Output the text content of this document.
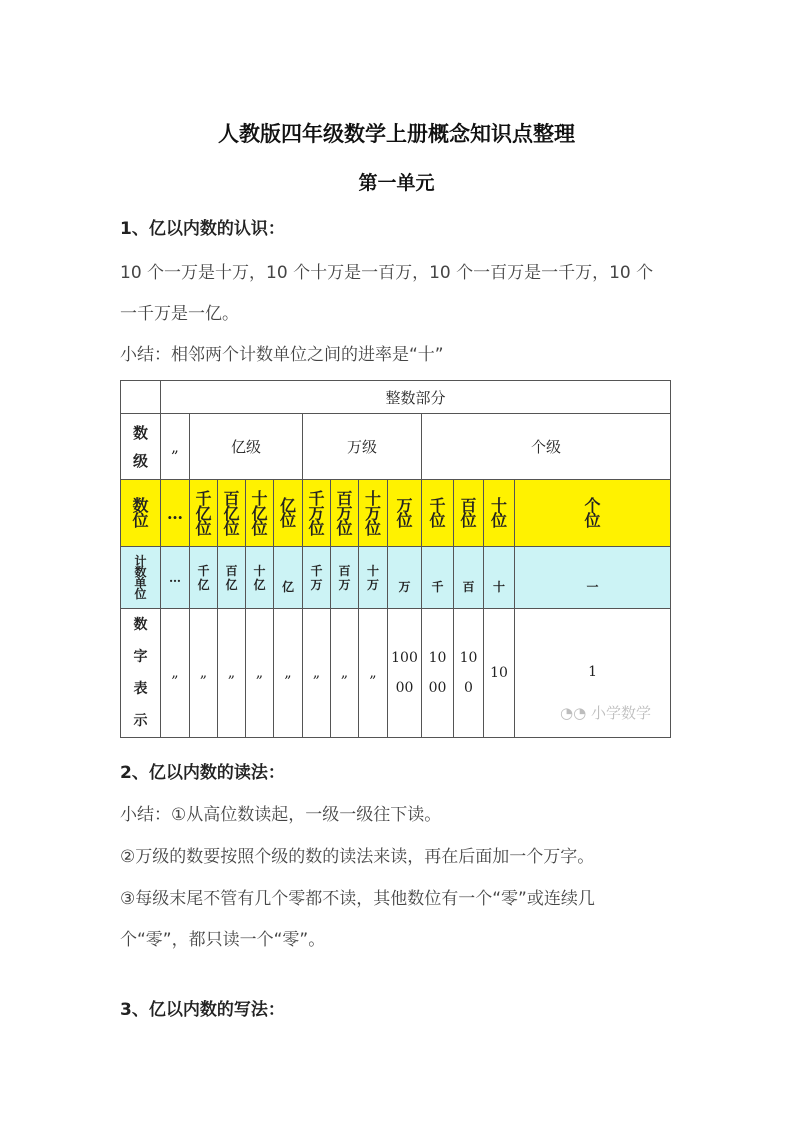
人教版四年级数学上册概念知识点整理
第一单元
1、亿以内数的认识：
10 个一万是十万，10 个十万是一百万，10 个一百万是一千万，10 个
一千万是一亿。
小结：相邻两个计数单位之间的进率是“十”
	整数部分												
数级	„	亿级				万级				个级			
数位	…	千亿位	百亿位	十亿位	亿位	千万位	百万位	十万位	万位	千位	百位	十位	个位
计数单位	…	千亿	百亿	十亿	亿	千万	百万	十万	万	千	百	十	一
数字表示	„	„	„	„	„	„	„	„	100 00	10 00	10 0	10	1
◔◔ 小学数学
2、亿以内数的读法：
小结：①从高位数读起，一级一级往下读。
②万级的数要按照个级的数的读法来读，再在后面加一个万字。
③每级末尾不管有几个零都不读，其他数位有一个“零”或连续几
个“零”，都只读一个“零”。
3、亿以内数的写法：
